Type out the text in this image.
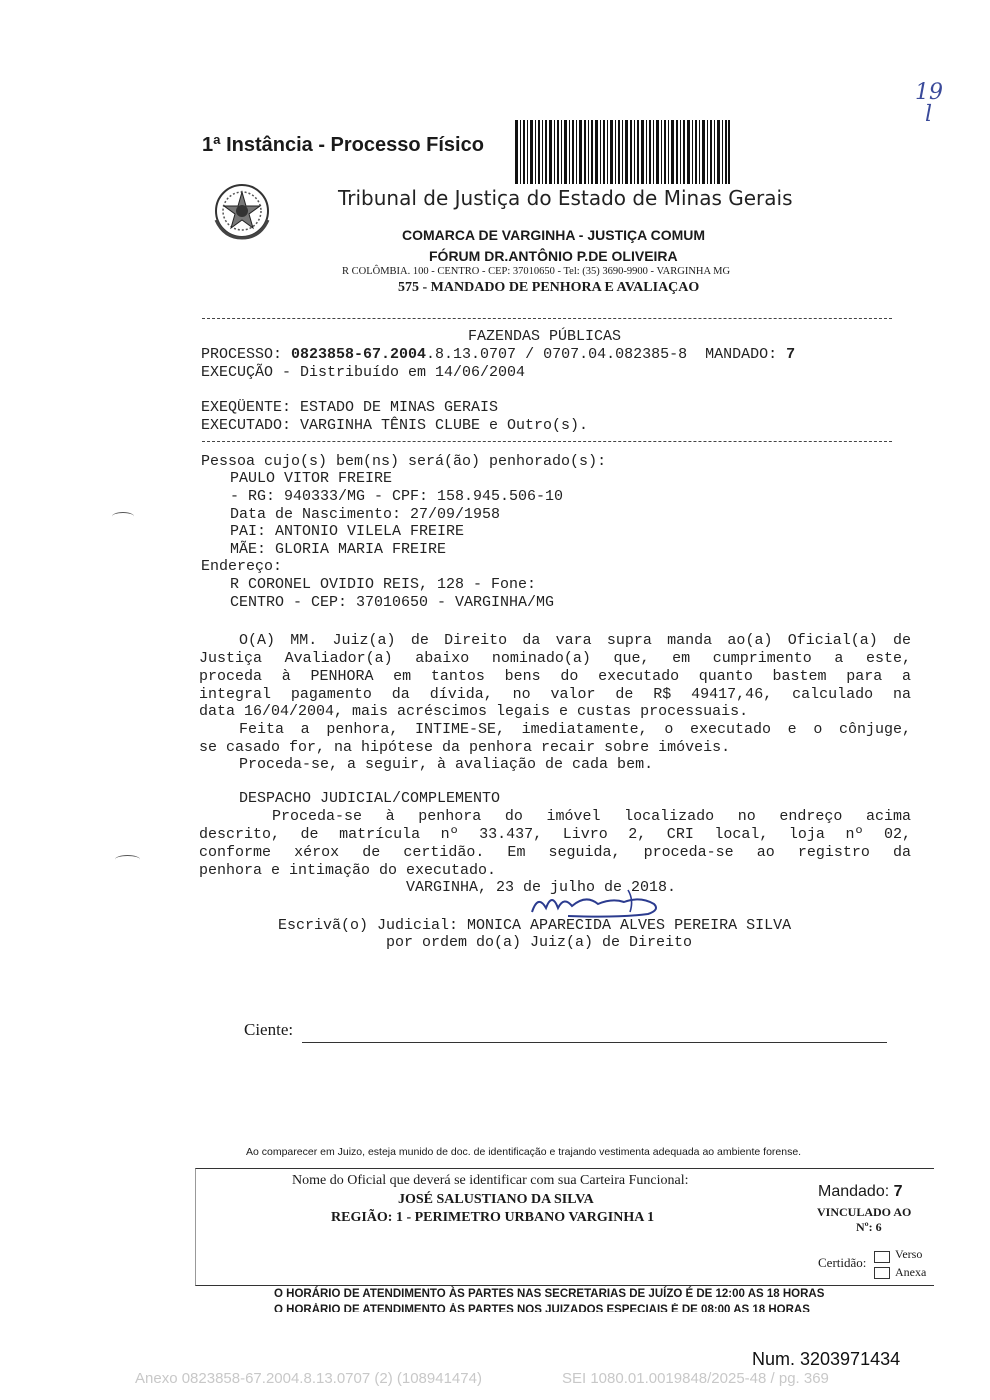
1ª Instância - Processo Físico
19
l
Tribunal de Justiça do Estado de Minas Gerais
COMARCA DE VARGINHA - JUSTIÇA COMUM
FÓRUM DR.ANTÔNIO P.DE OLIVEIRA
R COLÔMBIA. 100 - CENTRO - CEP: 37010650 - Tel: (35) 3690-9900 - VARGINHA MG
575 - MANDADO DE PENHORA E AVALIAÇAO
FAZENDAS PÚBLICAS
PROCESSO: 0823858-67.2004.8.13.0707 / 0707.04.082385-8  MANDADO: 7
EXECUÇÃO - Distribuído em 14/06/2004
EXEQÜENTE: ESTADO DE MINAS GERAIS
EXECUTADO: VARGINHA TÊNIS CLUBE e Outro(s).
Pessoa cujo(s) bem(ns) será(ão) penhorado(s):
PAULO VITOR FREIRE
- RG: 940333/MG - CPF: 158.945.506-10
Data de Nascimento: 27/09/1958
PAI: ANTONIO VILELA FREIRE
MÃE: GLORIA MARIA FREIRE
Endereço:
R CORONEL OVIDIO REIS, 128 - Fone:
CENTRO - CEP: 37010650 - VARGINHA/MG
O(A) MM. Juiz(a) de Direito da vara supra manda ao(a) Oficial(a) de
Justiça Avaliador(a) abaixo nominado(a) que, em cumprimento a este,
proceda à PENHORA em tantos bens do executado quanto bastem para a
integral pagamento da dívida, no valor de R$ 49417,46, calculado na
data 16/04/2004, mais acréscimos legais e custas processuais.
Feita a penhora, INTIME-SE, imediatamente, o executado e o cônjuge,
se casado for, na hipótese da penhora recair sobre imóveis.
Proceda-se, a seguir, à avaliação de cada bem.
DESPACHO JUDICIAL/COMPLEMENTO
Proceda-se à penhora do imóvel localizado no endreço acima
descrito, de matrícula nº 33.437, Livro 2, CRI local, loja nº 02,
conforme xérox de certidão. Em seguida, proceda-se ao registro da
penhora e intimação do executado.
VARGINHA, 23 de julho de 2018.
Escrivã(o) Judicial: MONICA APARECIDA ALVES PEREIRA SILVA
por ordem do(a) Juiz(a) de Direito
Ciente:
Ao comparecer em Juizo, esteja munido de doc. de identificação e trajando vestimenta adequada ao ambiente forense.
Nome do Oficial que deverá se identificar com sua Carteira Funcional:
JOSÉ SALUSTIANO DA SILVA
REGIÃO: 1 - PERIMETRO URBANO VARGINHA 1
Mandado: 7
VINCULADO AO
Nº: 6
Certidão:
Verso
Anexa
O HORÁRIO DE ATENDIMENTO ÀS PARTES NAS SECRETARIAS DE JUÍZO É DE 12:00 AS 18 HORAS
O HORÁRIO DE ATENDIMENTO ÀS PARTES NOS JUIZADOS ESPECIAIS É DE 08:00 AS 18 HORAS
Num. 3203971434
Anexo 0823858-67.2004.8.13.0707 (2) (108941474)	SEI 1080.01.0019848/2025-48 / pg. 369
